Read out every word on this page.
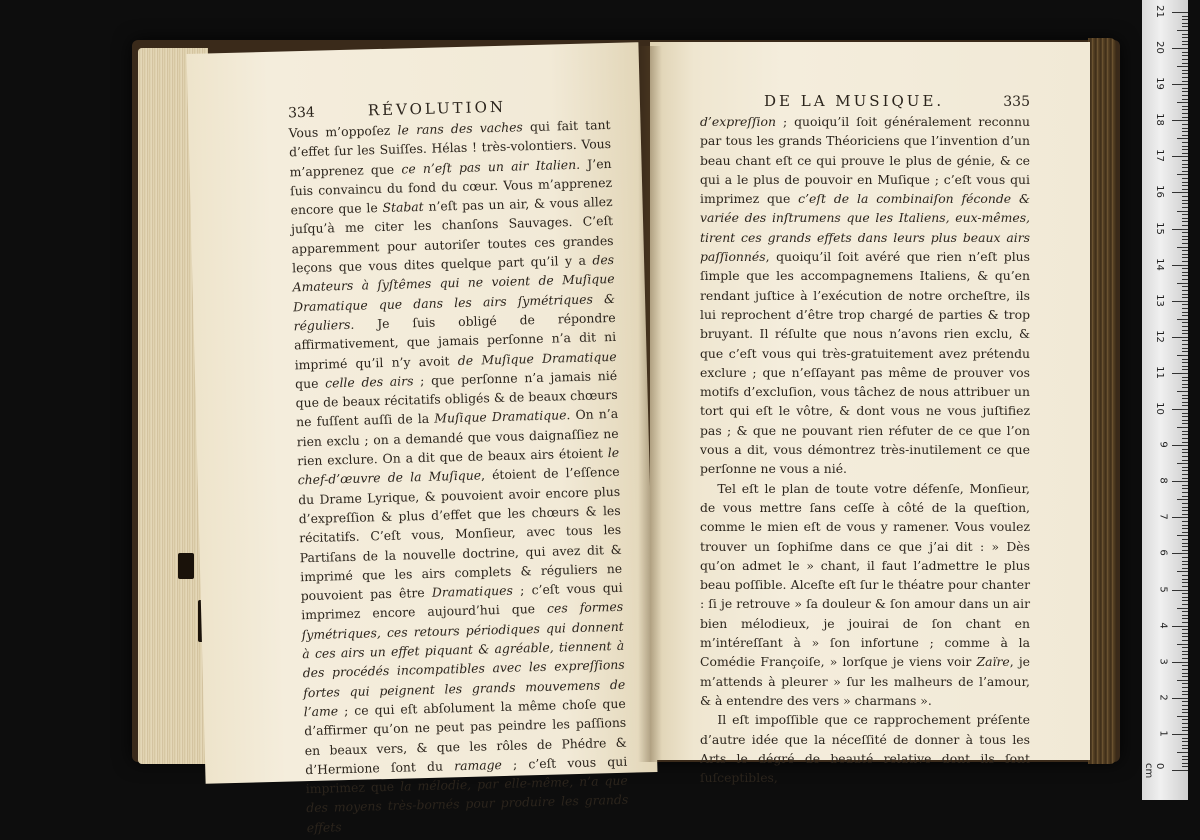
334	RÉVOLUTION

Vous m’oppoſez le rans des vaches qui fait tant d’effet ſur les Suiſſes. Hélas ! très-volontiers. Vous m’apprenez que ce n’eſt pas un air Italien. J’en ſuis convaincu du fond du cœur. Vous m’apprenez encore que le Stabat n’eſt pas un air, & vous allez juſqu’à me citer les chanſons Sauvages. C’eſt apparemment pour autoriſer toutes ces grandes leçons que vous dites quelque part qu’il y a des Amateurs à ſyſtêmes qui ne voient de Muſique Dramatique que dans les airs ſymétriques & réguliers. Je ſuis obligé de répondre affirmativement, que jamais perſonne n’a dit ni imprimé qu’il n’y avoit de Muſique Dramatique que celle des airs ; que perſonne n’a jamais nié que de beaux récitatifs obligés & de beaux chœurs ne fuſſent auſſi de la Muſique Dramatique. On n’a rien exclu ; on a demandé que vous daignaſſiez ne rien exclure. On a dit que de beaux airs étoient le chef-d’œuvre de la Muſique, étoient de l’eſſence du Drame Lyrique, & pouvoient avoir encore plus d’expreſſion & plus d’effet que les chœurs & les récitatifs. C’eſt vous, Monſieur, avec tous les Partiſans de la nouvelle doctrine, qui avez dit & imprimé que les airs complets & réguliers ne pouvoient pas être Dramatiques ; c’eſt vous qui imprimez encore aujourd’hui que ces formes ſymétriques, ces retours périodiques qui donnent à ces airs un effet piquant & agréable, tiennent à des procédés incompatibles avec les expreſſions fortes qui peignent les grands mouvemens de l’ame ; ce qui eſt abſolument la même choſe que d’affirmer qu’on ne peut pas peindre les paſſions en beaux vers, & que les rôles de Phédre & d’Hermione ſont du ramage ; c’eſt vous qui imprimez que la mélodie, par elle-même, n’a que des moyens très-bornés pour produire les grands effets

DE LA MUSIQUE.	335

d’expreſſion ; quoiqu’il ſoit généralement reconnu par tous les grands Théoriciens que l’invention d’un beau chant eſt ce qui prouve le plus de génie, & ce qui a le plus de pouvoir en Muſique ; c’eſt vous qui imprimez que c’eſt de la combinaiſon féconde & variée des inſtrumens que les Italiens, eux-mêmes, tirent ces grands effets dans leurs plus beaux airs paſſionnés, quoiqu’il ſoit avéré que rien n’eſt plus ſimple que les accompagnemens Italiens, & qu’en rendant juſtice à l’exécution de notre orcheſtre, ils lui reprochent d’être trop chargé de parties & trop bruyant. Il réſulte que nous n’avons rien exclu, & que c’eſt vous qui très-gratuitement avez prétendu exclure ; que n’eſſayant pas même de prouver vos motifs d’excluſion, vous tâchez de nous attribuer un tort qui eſt le vôtre, & dont vous ne vous juſtifiez pas ; & que ne pouvant rien réfuter de ce que l’on vous a dit, vous démontrez très-inutilement ce que perſonne ne vous a nié.

Tel eſt le plan de toute votre défenſe, Monſieur, de vous mettre ſans ceſſe à côté de la queſtion, comme le mien eſt de vous y ramener. Vous voulez trouver un ſophiſme dans ce que j’ai dit : » Dès qu’on admet le » chant, il faut l’admettre le plus beau poſſible. Alceſte eſt ſur le théatre pour chanter : ſi je retrouve » ſa douleur & ſon amour dans un air bien mélodieux, je jouirai de ſon chant en m’intéreſſant à » ſon infortune ; comme à la Comédie Françoiſe, » lorſque je viens voir Zaïre, je m’attends à pleurer » ſur les malheurs de l’amour, & à entendre des vers » charmans ».

Il eſt impoſſible que ce rapprochement préſente d’autre idée que la néceſſité de donner à tous les Arts le dégré de beauté relative dont ils ſont ſuſceptibles,

21
20
19
18
17
16
15
14
13
12
11
10
9
8
7
6
5
4
3
2
1
0 cm
